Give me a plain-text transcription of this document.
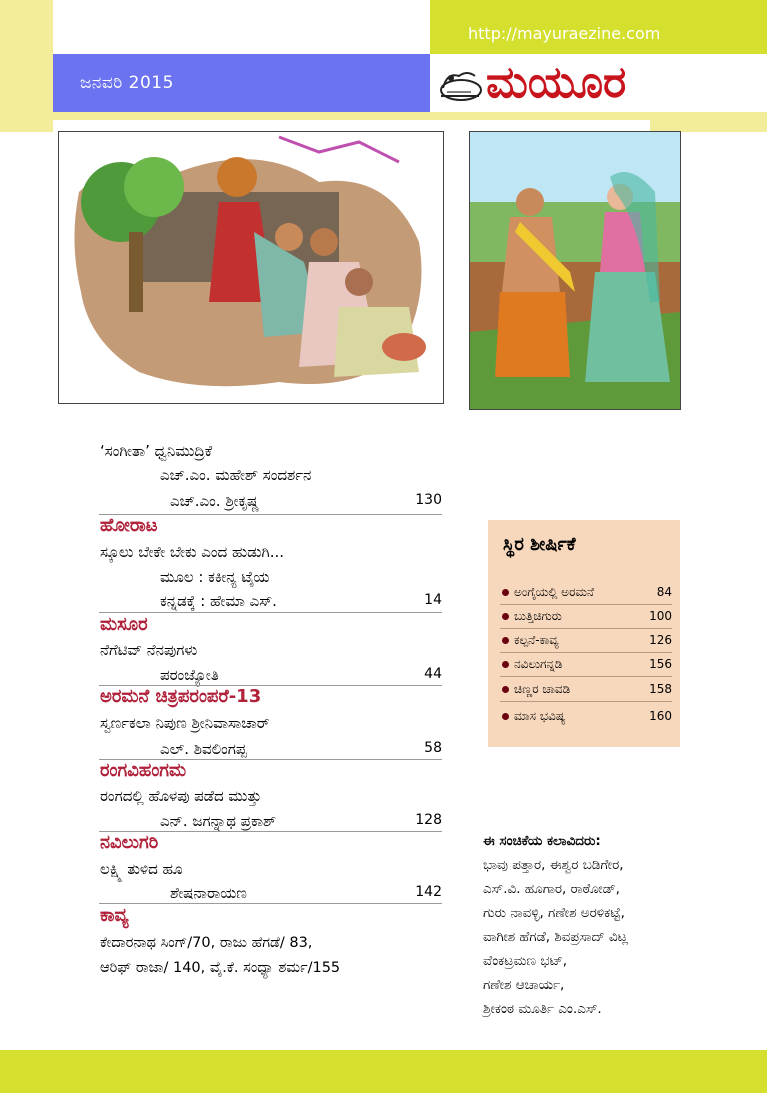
http://mayuraezine.com
ಜನವರಿ 2015	ಮಯೂರ
‘ಸಂಗೀತಾ’ ಧ್ವನಿಮುದ್ರಿಕೆ
ಎಚ್.ಎಂ. ಮಹೇಶ್ ಸಂದರ್ಶನ
ಎಚ್.ಎಂ. ಶ್ರೀಕೃಷ್ಣ	130
ಹೋರಾಟ
ಸ್ಕೂಲು ಬೇಕೇ ಬೇಕು ಎಂದ ಹುಡುಗಿ...
ಮೂಲ : ಕಕೀನ್ಯ ಟೈಯ
ಕನ್ನಡಕ್ಕೆ : ಹೇಮಾ ಎಸ್.	14
ಮಸೂರ
ನೆಗೆಟಿವ್ ನೆನಪುಗಳು
ಪರಂಜ್ಯೋತಿ	44
ಅರಮನೆ ಚಿತ್ರಪರಂಪರೆ-13
ಸ್ವರ್ಣಕಲಾ ನಿಪುಣ ಶ್ರೀನಿವಾಸಾಚಾರ್
ಎಲ್. ಶಿವಲಿಂಗಪ್ಪ	58
ರಂಗವಿಹಂಗಮ
ರಂಗದಲ್ಲಿ ಹೊಳಪು ಪಡೆದ ಮುತ್ತು
ಎನ್. ಜಗನ್ನಾಥ ಪ್ರಕಾಶ್	128
ನವಿಲುಗರಿ
ಲಕ್ಷ್ಮಿ ತುಳಿದ ಹೂ
ಶೇಷನಾರಾಯಣ	142
ಕಾವ್ಯ
ಕೇದಾರನಾಥ ಸಿಂಗ್/70, ರಾಜು ಹೆಗಡೆ/ 83,
ಆರಿಫ್ ರಾಜಾ/ 140, ವೈ.ಕೆ. ಸಂಧ್ಯಾ ಶರ್ಮ/155
ಸ್ಥಿರ ಶೀರ್ಷಿಕೆ
ಅಂಗೈಯಲ್ಲಿ ಅರಮನೆ	84
ಬುತ್ತಿಚಿಗುರು	100
ಕಲ್ಪನೆ-ಕಾವ್ಯ	126
ನವಿಲುಗನ್ನಡಿ	156
ಚಿಣ್ಣರ ಚಾವಡಿ	158
ಮಾಸ ಭವಿಷ್ಯ	160
ಈ ಸಂಚಿಕೆಯ ಕಲಾವಿದರು:
ಭಾವು ಪತ್ತಾರ, ಈಶ್ವರ ಬಡಿಗೇರ,
ಎಸ್.ವಿ. ಹೂಗಾರ, ರಾಠೋಡ್,
ಗುರು ನಾವಳ್ಳಿ, ಗಣೇಶ ಅರಳಿಕಟ್ಟೆ,
ವಾಗೀಶ ಹೆಗಡೆ, ಶಿವಪ್ರಸಾದ್ ವಿಟ್ಲ
ವೆಂಕಟ್ರಮಣ ಭಟ್,
ಗಣೇಶ ಆಚಾರ್ಯ,
ಶ್ರೀಕಂಠ ಮೂರ್ತಿ ಎಂ.ಎಸ್.
